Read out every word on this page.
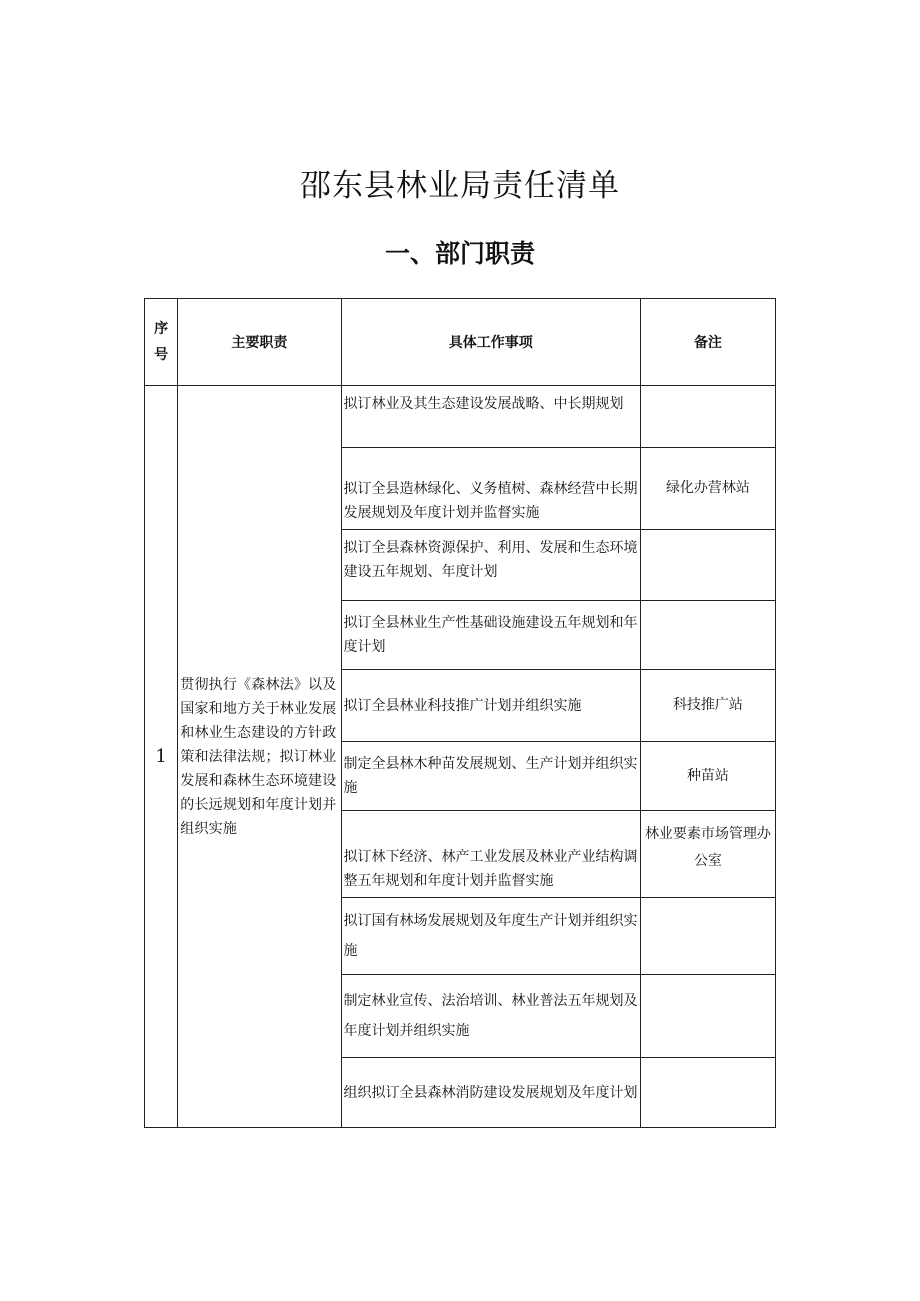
邵东县林业局责任清单
一、部门职责
序号	主要职责	具体工作事项	备注
1	贯彻执行《森林法》以及国家和地方关于林业发展和林业生态建设的方针政策和法律法规；拟订林业发展和森林生态环境建设的长远规划和年度计划并组织实施	拟订林业及其生态建设发展战略、中长期规划	
		拟订全县造林绿化、义务植树、森林经营中长期发展规划及年度计划并监督实施	绿化办营林站
		拟订全县森林资源保护、利用、发展和生态环境建设五年规划、年度计划	
		拟订全县林业生产性基础设施建设五年规划和年度计划	
		拟订全县林业科技推广计划并组织实施	科技推广站
		制定全县林木种苗发展规划、生产计划并组织实施	种苗站
		拟订林下经济、林产工业发展及林业产业结构调整五年规划和年度计划并监督实施	林业要素市场管理办公室
		拟订国有林场发展规划及年度生产计划并组织实施	
		制定林业宣传、法治培训、林业普法五年规划及年度计划并组织实施	
		组织拟订全县森林消防建设发展规划及年度计划	
